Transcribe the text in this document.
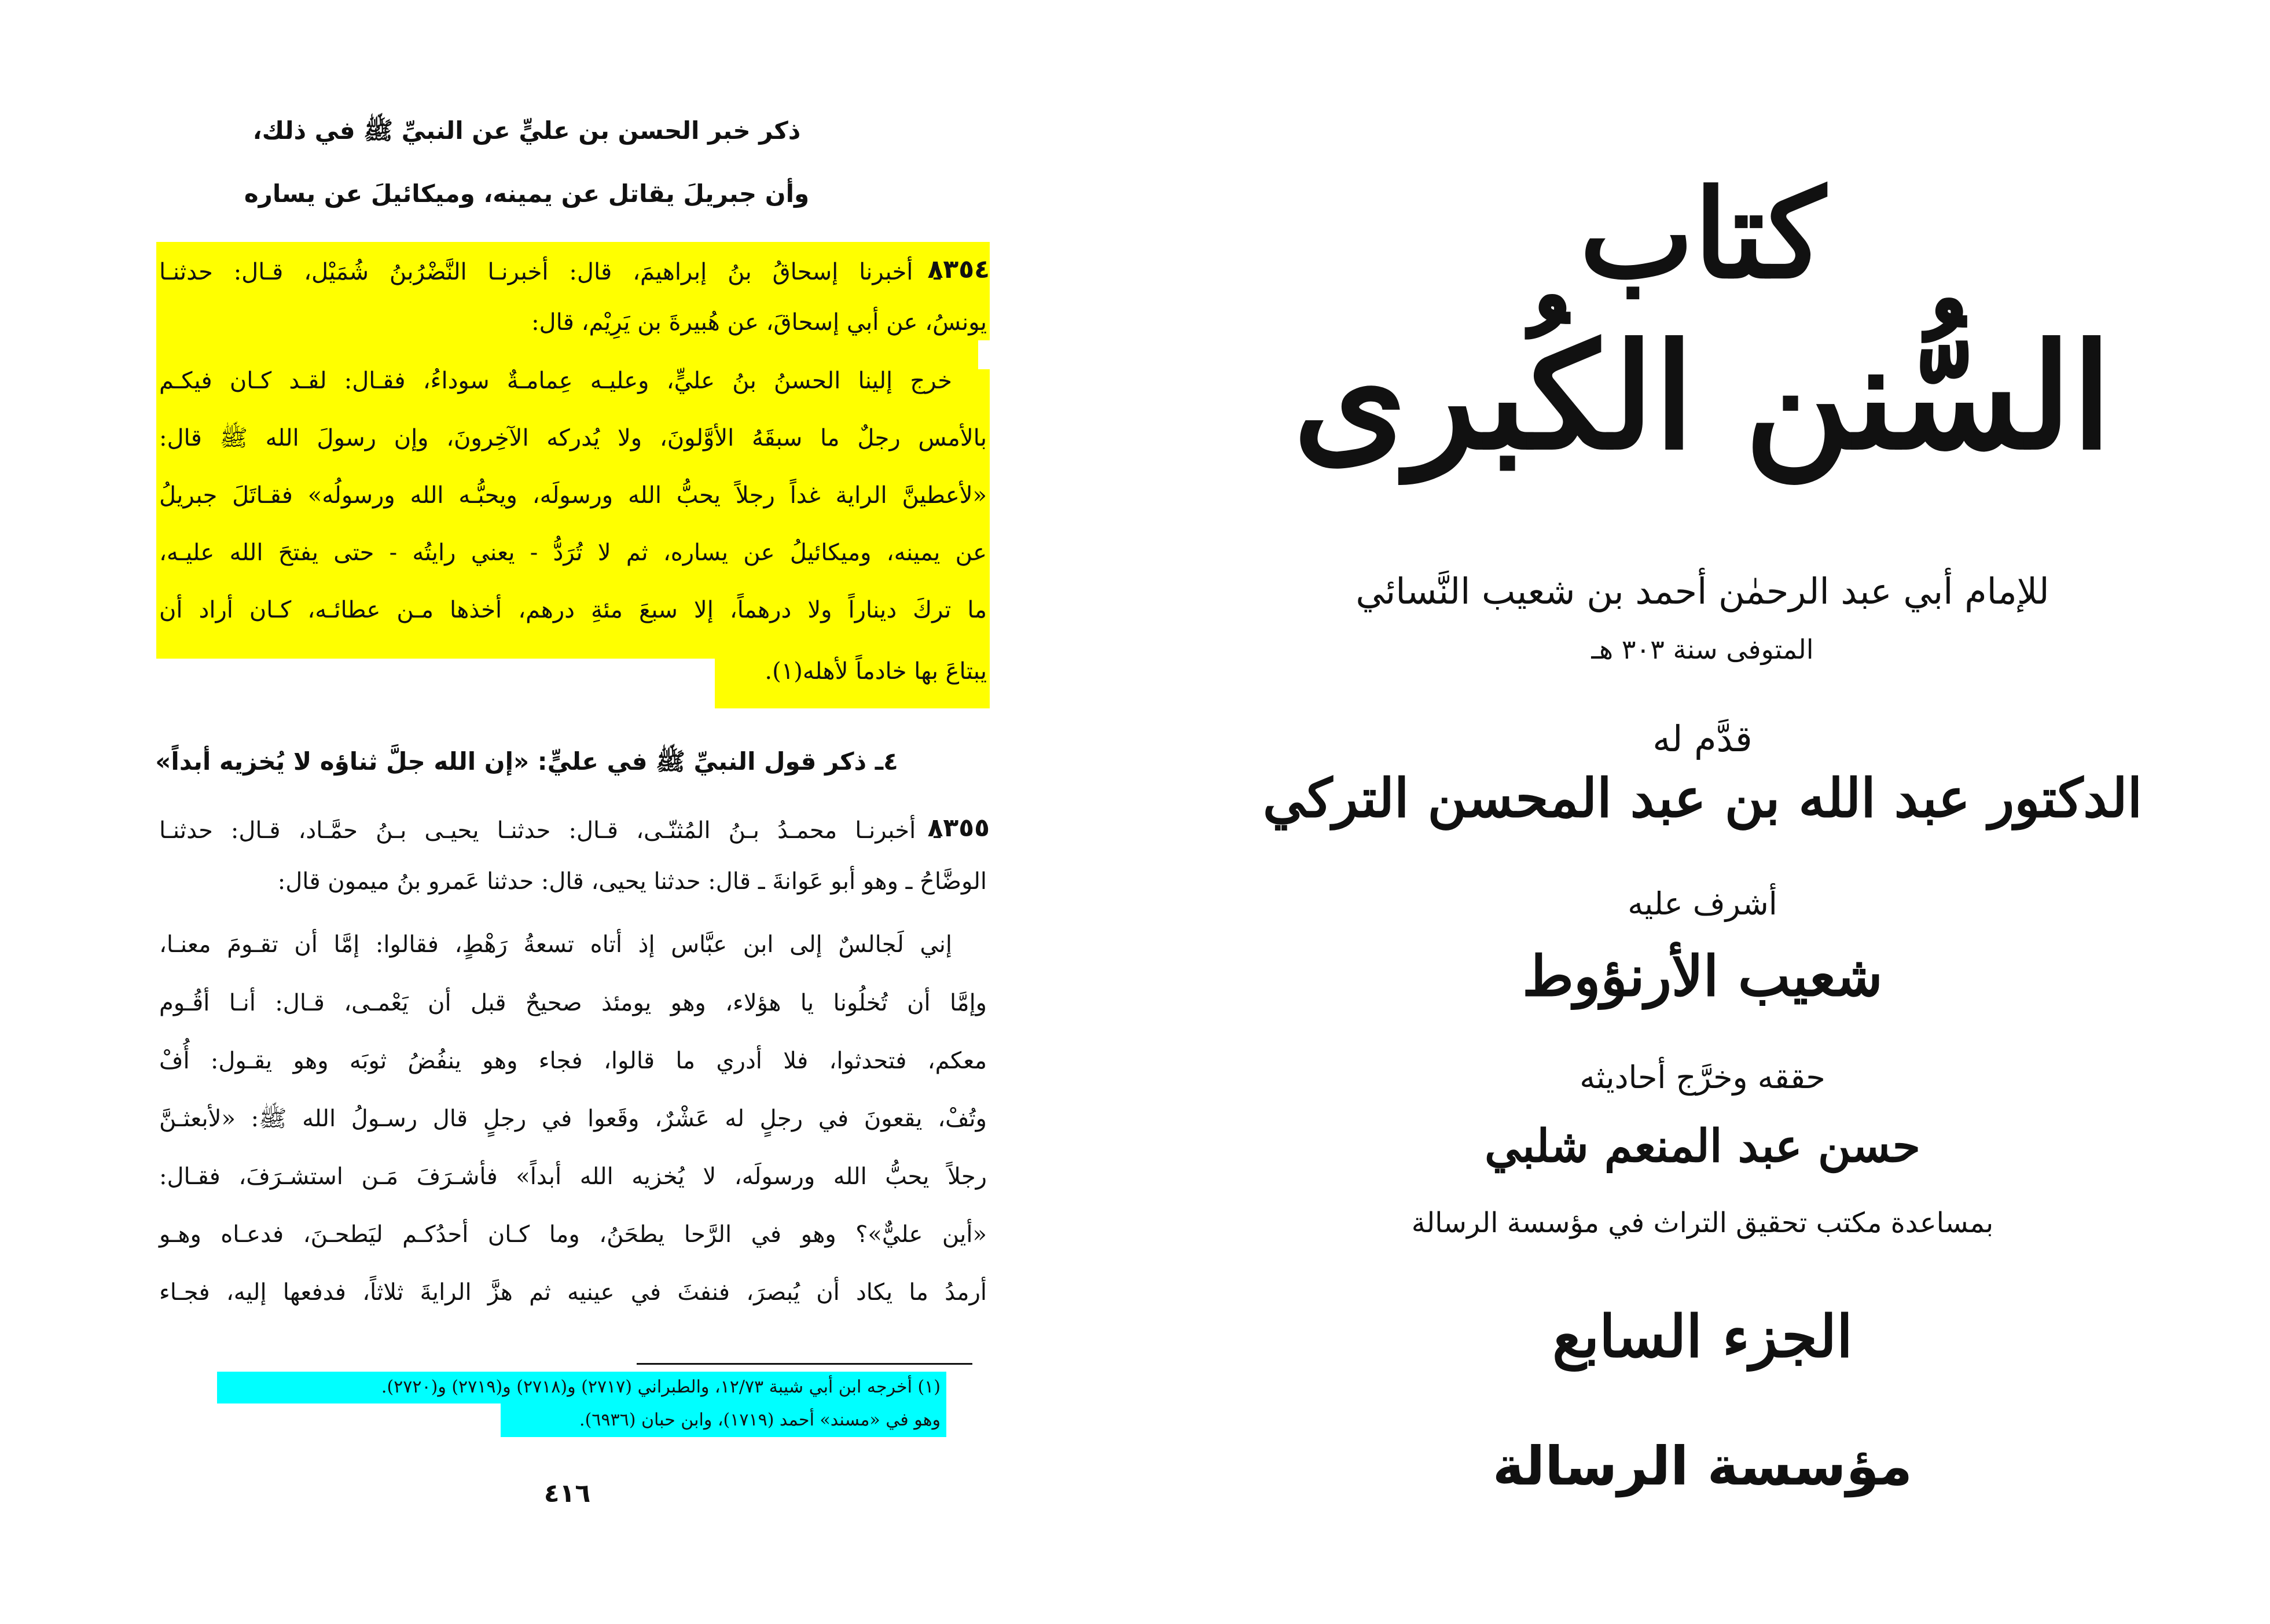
ذكر خبر الحسن بن عليٍّ عن النبيِّ ﷺ في ذلك،
وأن جبريلَ يقاتل عن يمينه، وميكائيلَ عن يساره
ـ أخبرنا إسحاقُ بنُ إبراهيمَ، قال: أخبرنـا النَّضْرُبنُ شُمَيْل، قـال: حدثنـا
٨٣٥٤
يونسُ، عن أبي إسحاقَ، عن هُبيرةَ بن يَرِيْم، قال:
خرج إلينا الحسنُ بنُ عليٍّ، وعليـه عِمامـةٌ سوداءُ، فقـال: لقـد كـان فيكـم
بالأمس رجلٌ ما سبقَهُ الأوَّلونَ، ولا يُدركه الآخِرونَ، وإن رسولَ الله ﷺ قال:
«لأعطينَّ الراية غداً رجلاً يحبُّ الله ورسولَه، ويحبُّـه الله ورسولُه» فقـاتَلَ جبريلُ
عن يمينه، وميكائيلُ عن يساره، ثم لا تُرَدُّ - يعني رايتُه - حتى يفتحَ الله عليـه،
ما تركَ ديناراً ولا درهماً، إلا سبعَ مئةِ درهم، أخذها مـن عطائـه، كـان أراد أن
يبتاعَ بها خادماً لأهله(١).
٤ـ ذكر قول النبيِّ ﷺ في عليٍّ: «إن الله جلَّ ثناؤه لا يُخزيه أبداً»
ـ أخبرنـا محمـدُ بـنُ المُثنّـى، قـال: حدثنـا يحيـى بـنُ حمَّـاد، قـال: حدثنـا
٨٣٥٥
الوضَّاحُ ـ وهو أبو عَوانةَ ـ قال: حدثنا يحيى، قال: حدثنا عَمرو بنُ ميمون قال:
إني لَجالسٌ إلى ابن عبَّاس إذ أتاه تسعةُ رَهْطٍ، فقالوا: إمَّا أن تقـومَ معنـا،
وإمَّا أن تُخلُونا يا هؤلاء، وهو يومئذ صحيحٌ قبل أن يَعْمـى، قـال: أنـا أقُـوم
معكم، فتحدثوا، فلا أدري ما قالوا، فجاء وهو ينفُضُ ثوبَه وهو يقـول: أُفْ
وتُفْ، يقعونَ في رجلٍ له عَشْرٌ، وقَعوا في رجلٍ قال رسـولُ الله ﷺ: «لأبعثـنَّ
رجلاً يحبُّ الله ورسولَه، لا يُخزيه الله أبداً» فأشـرَفَ مَـن استشـرَفَ، فقـال:
«أين عليٌّ»؟ وهو في الرَّحا يطحَنُ، وما كـان أحدُكـم ليَطحـنَ، فدعـاه وهـو
أرمدُ ما يكاد أن يُبصرَ، فنفثَ في عينيه ثم هزَّ الرايةَ ثلاثاً، فدفعها إليه، فجـاء
(١) أخرجه ابن أبي شيبة ١٢/٧٣، والطبراني (٢٧١٧) و(٢٧١٨) و(٢٧١٩) و(٢٧٢٠).
وهو في «مسند» أحمد (١٧١٩)، وابن حبان (٦٩٣٦).
٤١٦
كتاب
السُّنن الكُبرى
للإمام أبي عبد الرحمٰن أحمد بن شعيب النَّسائي
المتوفى سنة ٣٠٣ هـ
قدَّم له
الدكتور عبد الله بن عبد المحسن التركي
أشرف عليه
شعيب الأرنؤوط
حققه وخرَّج أحاديثه
حسن عبد المنعم شلبي
بمساعدة مكتب تحقيق التراث في مؤسسة الرسالة
الجزء السابع
مؤسسة الرسالة
